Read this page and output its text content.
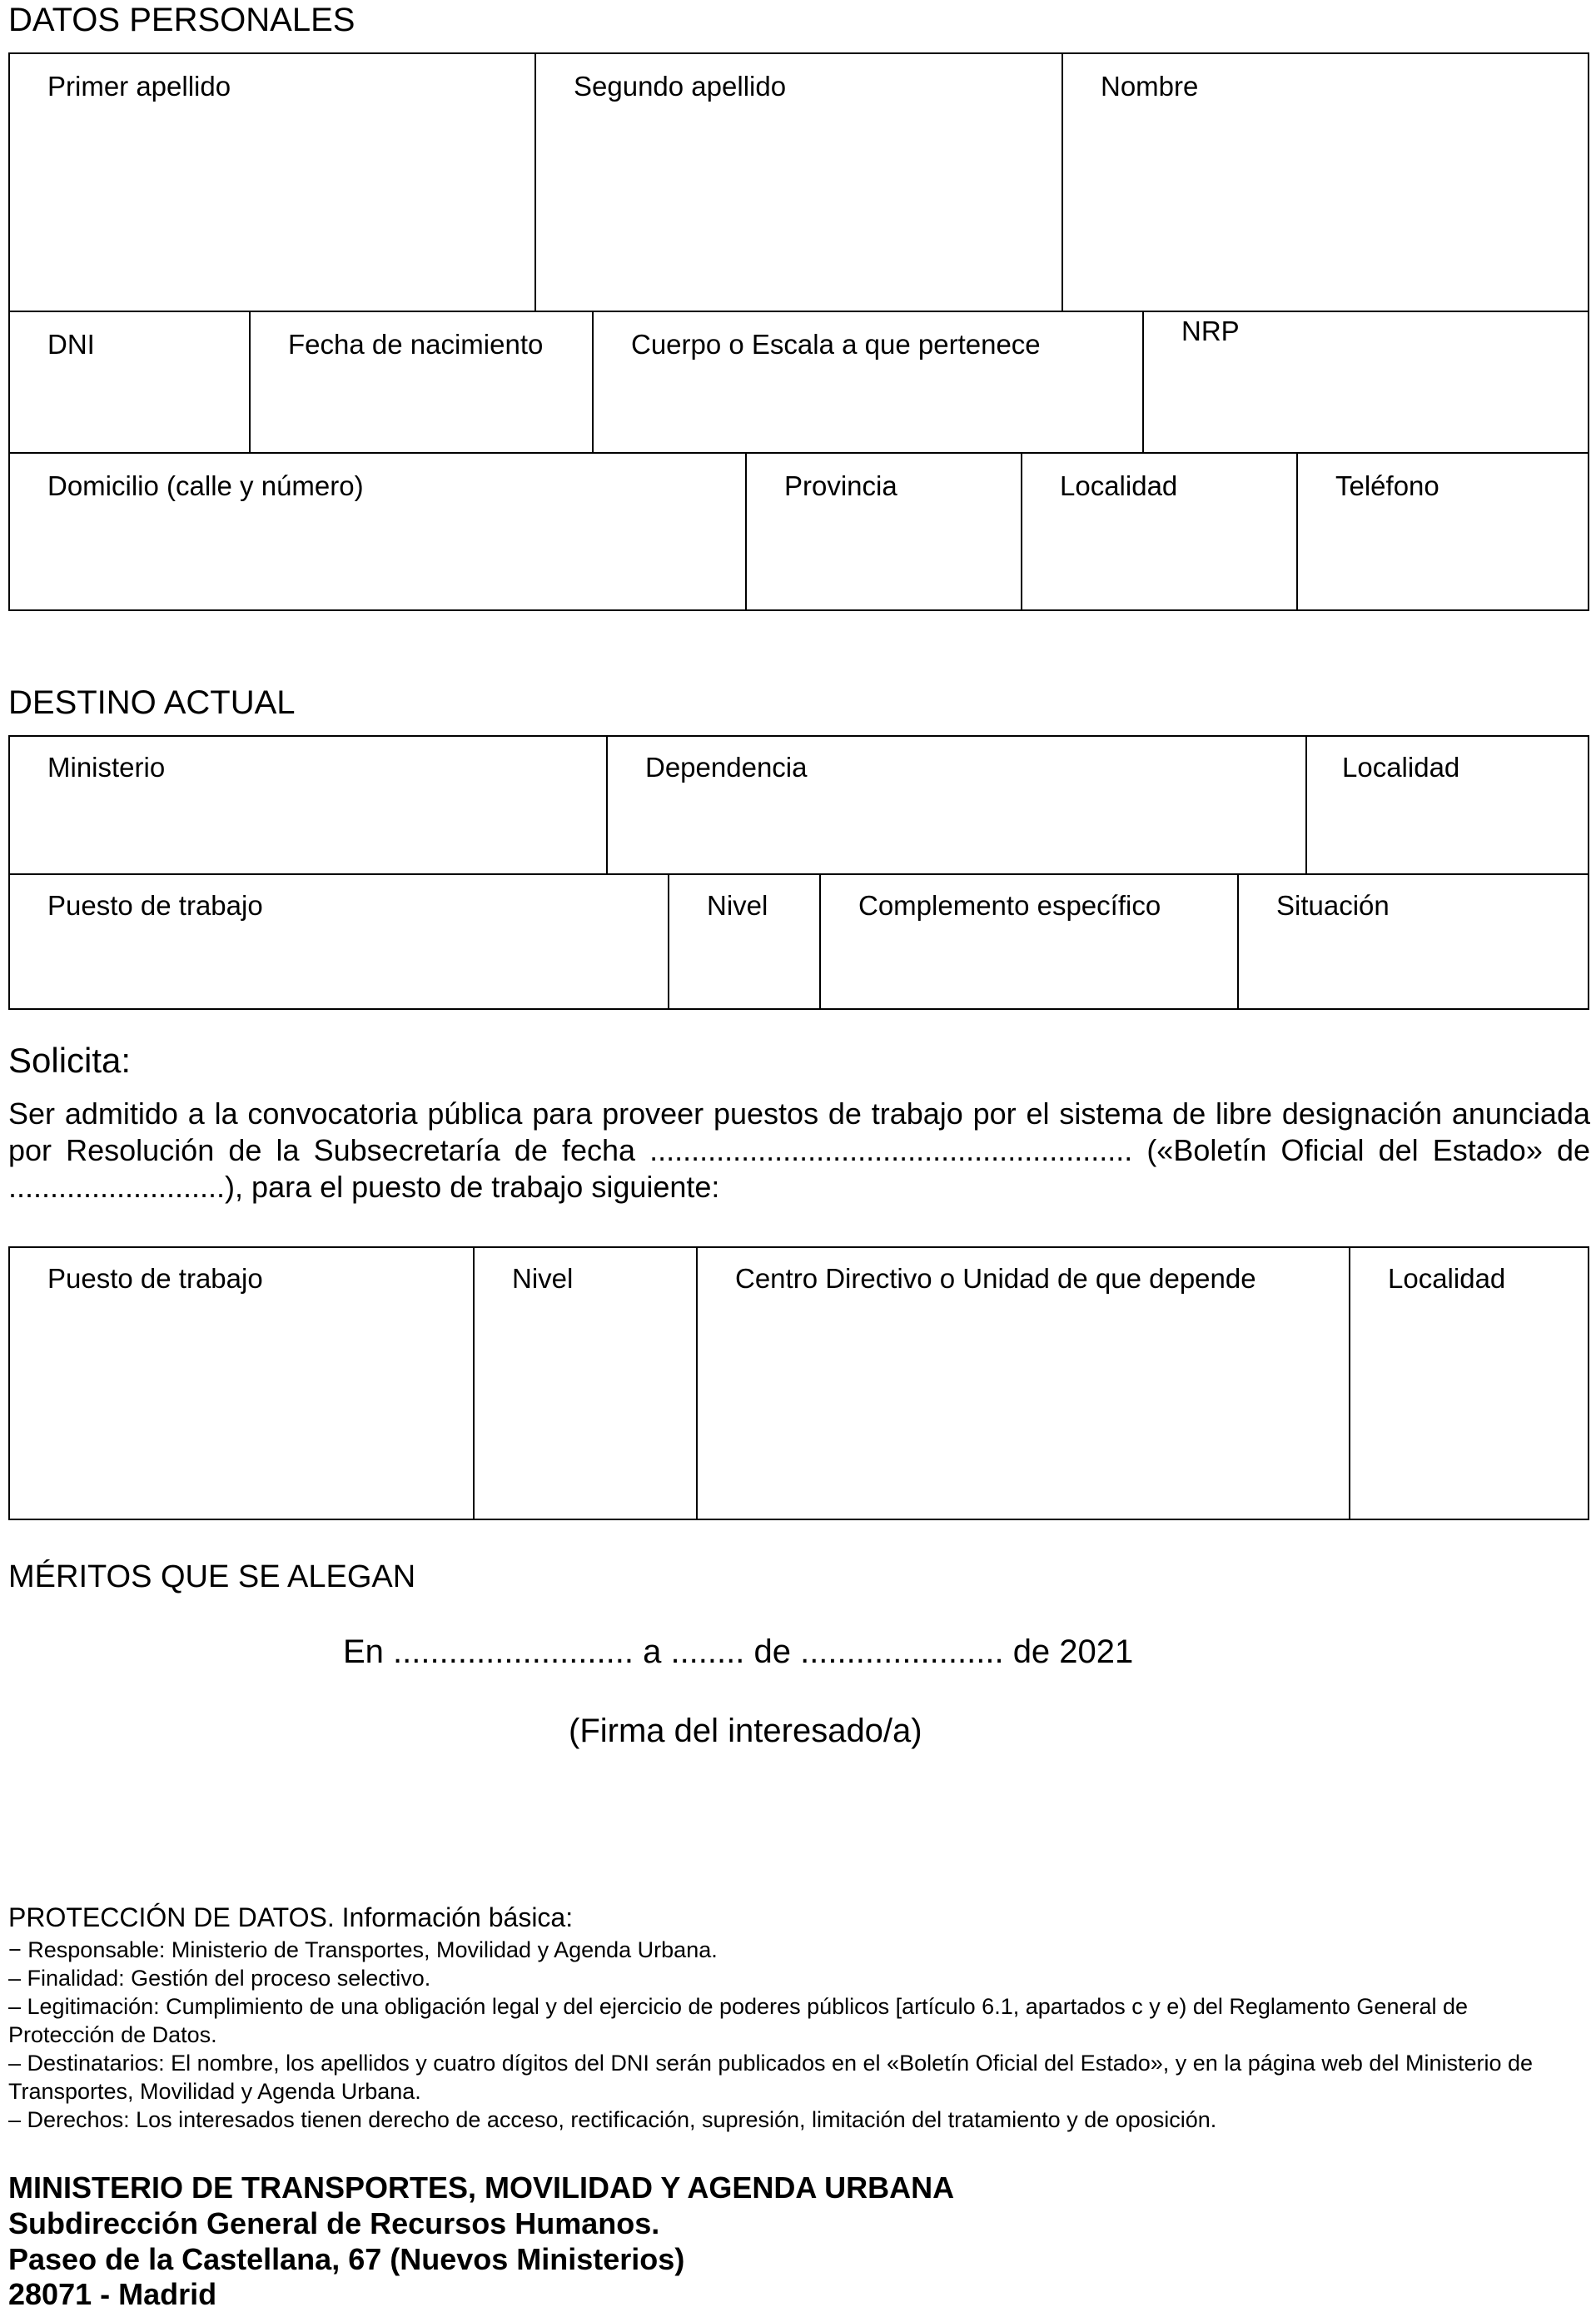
DATOS PERSONALES
Primer apellido	Segundo apellido	Nombre
DNI	Fecha de nacimiento	Cuerpo o Escala a que pertenece	NRP
Domicilio (calle y número)	Provincia	Localidad	Teléfono
DESTINO ACTUAL
Ministerio	Dependencia	Localidad
Puesto de trabajo	Nivel	Complemento específico	Situación
Solicita:
Ser admitido a la convocatoria pública para proveer puestos de trabajo por el sistema de libre designación anunciada por Resolución de la Subsecretaría de fecha .......................................................... («Boletín Oficial del Estado» de ..........................), para el puesto de trabajo siguiente:
Puesto de trabajo	Nivel	Centro Directivo o Unidad de que depende	Localidad
MÉRITOS QUE SE ALEGAN
En .......................... a ........ de ...................... de 2021
(Firma del interesado/a)
PROTECCIÓN DE DATOS. Información básica:
− Responsable: Ministerio de Transportes, Movilidad y Agenda Urbana.
– Finalidad: Gestión del proceso selectivo.
– Legitimación: Cumplimiento de una obligación legal y del ejercicio de poderes públicos [artículo 6.1, apartados c y e) del Reglamento General de Protección de Datos.
– Destinatarios: El nombre, los apellidos y cuatro dígitos del DNI serán publicados en el «Boletín Oficial del Estado», y en la página web del Ministerio de Transportes, Movilidad y Agenda Urbana.
– Derechos: Los interesados tienen derecho de acceso, rectificación, supresión, limitación del tratamiento y de oposición.
MINISTERIO DE TRANSPORTES, MOVILIDAD Y AGENDA URBANA
Subdirección General de Recursos Humanos.
Paseo de la Castellana, 67 (Nuevos Ministerios)
28071 - Madrid
